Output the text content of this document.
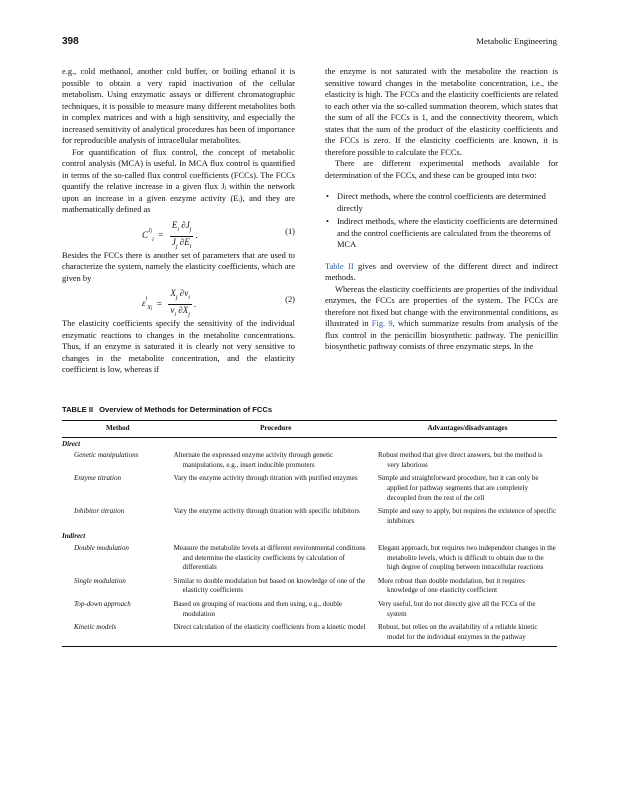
398	Metabolic Engineering

e.g., cold methanol, another cold buffer, or boiling ethanol it is possible to obtain a very rapid inactivation of the cellular metabolism. Using enzymatic assays or different chromatographic techniques, it is possible to measure many different metabolites both in complex matrices and with a high sensitivity, and especially the increased sensitivity of analytical procedures has been of importance for reproducible analysis of intracellular metabolites.

For quantification of flux control, the concept of metabolic control analysis (MCA) is useful. In MCA flux control is quantified in terms of the so-called flux control coefficients (FCCs). The FCCs quantify the relative increase in a given flux Jⱼ within the network upon an increase in a given enzyme activity (Eᵢ), and they are mathematically defined as

$C^{Jj}_i = \frac{E_i \partial J_j}{J_j \partial E_i}$ .	(1)

Besides the FCCs there is another set of parameters that are used to characterize the system, namely the elasticity coefficients, which are given by

$\varepsilon^i_{Xj} = \frac{X_j \partial v_i}{v_i \partial X_j}$ .	(2)

The elasticity coefficients specify the sensitivity of the individual enzymatic reactions to changes in the metabolite concentrations. Thus, if an enzyme is saturated it is clearly not very sensitive to changes in the metabolite concentration, and the elasticity coefficient is low, whereas if

the enzyme is not saturated with the metabolite the reaction is sensitive toward changes in the metabolite concentration, i.e., the elasticity is high. The FCCs and the elasticity coefficients are related to each other via the so-called summation theorem, which states that the sum of all the FCCs is 1, and the connectivity theorem, which states that the sum of the product of the elasticity coefficients and the FCCs is zero. If the elasticity coefficients are known, it is therefore possible to calculate the FCCs.

There are different experimental methods available for determination of the FCCs, and these can be grouped into two:

• Direct methods, where the control coefficients are determined directly
• Indirect methods, where the elasticity coefficients are determined and the control coefficients are calculated from the theorems of MCA

Table II gives and overview of the different direct and indirect methods.

Whereas the elasticity coefficients are properties of the individual enzymes, the FCCs are properties of the system. The FCCs are therefore not fixed but change with the environmental conditions, as illustrated in Fig. 9, which summarize results from analysis of the flux control in the penicillin biosynthetic pathway. The penicillin biosynthetic pathway consists of three enzymatic steps. In the

TABLE II Overview of Methods for Determination of FCCs
Method	Procedure	Advantages/disadvantages

Direct		
Genetic manipulations	Alternate the expressed enzyme activity through genetic manipulations, e.g., insert inducible promoters	Robust method that give direct answers, but the method is very laborious

Enzyme titration	Vary the enzyme activity through titration with purified enzymes	Simple and straightforward procedure, but it can only be applied for pathway segments that are completely decoupled from the rest of the cell

Inhibitor titration	Vary the enzyme activity through titration with specific inhibitors	Simple and easy to apply, but requires the existence of specific inhibitors

Indirect		
Double modulation	Measure the metabolite levels at different environmental conditions and determine the elasticity coefficients by calculation of differentials	Elegant approach, but requires two independent changes in the metabolite levels, which is difficult to obtain due to the high degree of coupling between intracellular reactions

Single modulation	Similar to double modulation but based on knowledge of one of the elasticity coefficients	More robust than double modulation, but it requires knowledge of one elasticity coefficient

Top-down approach	Based on grouping of reactions and then using, e.g., double modulation	Very useful, but do not directly give all the FCCs of the system

Kinetic models	Direct calculation of the elasticity coefficients from a kinetic model	Robust, but relies on the availability of a reliable kinetic model for the individual enzymes in the pathway
